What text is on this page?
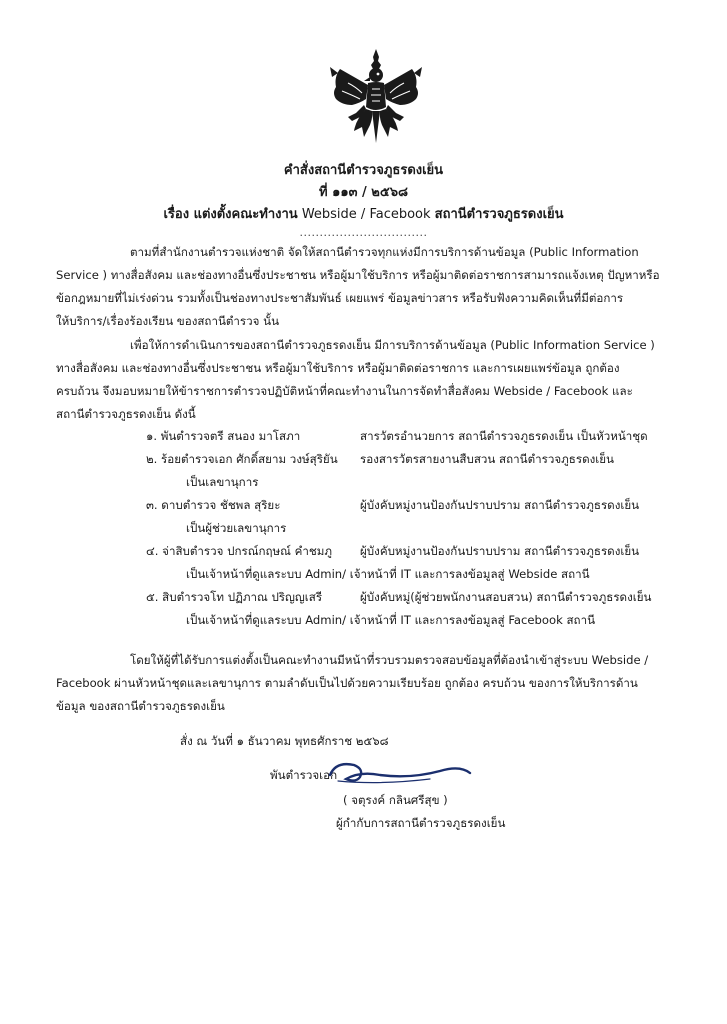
คำสั่งสถานีตำรวจภูธรดงเย็น
ที่ ๑๑๓ / ๒๕๖๘
เรื่อง แต่งตั้งคณะทำงาน Webside / Facebook สถานีตำรวจภูธรดงเย็น
................................
ตามที่สำนักงานตำรวจแห่งชาติ จัดให้สถานีตำรวจทุกแห่งมีการบริการด้านข้อมูล (Public Information
Service ) ทางสื่อสังคม และช่องทางอื่นซึ่งประชาชน หรือผู้มาใช้บริการ หรือผู้มาติดต่อราชการสามารถแจ้งเหตุ ปัญหาหรือ
ข้อกฎหมายที่ไม่เร่งด่วน รวมทั้งเป็นช่องทางประชาสัมพันธ์ เผยแพร่ ข้อมูลข่าวสาร หรือรับฟังความคิดเห็นที่มีต่อการ
ให้บริการ/เรื่องร้องเรียน ของสถานีตำรวจ นั้น
เพื่อให้การดำเนินการของสถานีตำรวจภูธรดงเย็น มีการบริการด้านข้อมูล (Public Information Service )
ทางสื่อสังคม และช่องทางอื่นซึ่งประชาชน หรือผู้มาใช้บริการ หรือผู้มาติดต่อราชการ และการเผยแพร่ข้อมูล ถูกต้อง
ครบถ้วน จึงมอบหมายให้ข้าราชการตำรวจปฏิบัติหน้าที่คณะทำงานในการจัดทำสื่อสังคม Webside / Facebook และ
สถานีตำรวจภูธรดงเย็น ดังนี้
๑. พันตำรวจตรี สนอง มาโสภา	สารวัตรอำนวยการ สถานีตำรวจภูธรดงเย็น เป็นหัวหน้าชุด
๒. ร้อยตำรวจเอก ศักดิ์สยาม วงษ์สุริยัน รองสารวัตรสายงานสืบสวน สถานีตำรวจภูธรดงเย็น
เป็นเลขานุการ
๓. ดาบตำรวจ ชัชพล สุริยะ	ผู้บังคับหมู่งานป้องกันปราบปราม สถานีตำรวจภูธรดงเย็น
เป็นผู้ช่วยเลขานุการ
๔. จ่าสิบตำรวจ ปกรณ์กฤษณ์ คำชมภู ผู้บังคับหมู่งานป้องกันปราบปราม สถานีตำรวจภูธรดงเย็น
เป็นเจ้าหน้าที่ดูแลระบบ Admin/ เจ้าหน้าที่ IT และการลงข้อมูลสู่ Webside สถานี
๕. สิบตำรวจโท ปฏิภาณ ปริญญเสรี	ผู้บังคับหมู่(ผู้ช่วยพนักงานสอบสวน) สถานีตำรวจภูธรดงเย็น
เป็นเจ้าหน้าที่ดูแลระบบ Admin/ เจ้าหน้าที่ IT และการลงข้อมูลสู่ Facebook สถานี
โดยให้ผู้ที่ได้รับการแต่งตั้งเป็นคณะทำงานมีหน้าที่รวบรวมตรวจสอบข้อมูลที่ต้องนำเข้าสู่ระบบ Webside /
Facebook ผ่านหัวหน้าชุดและเลขานุการ ตามลำดับเป็นไปด้วยความเรียบร้อย ถูกต้อง ครบถ้วน ของการให้บริการด้าน
ข้อมูล ของสถานีตำรวจภูธรดงเย็น
สั่ง ณ วันที่ ๑ ธันวาคม พุทธศักราช ๒๕๖๘
พันตำรวจเอก
( จตุรงค์ กลินศรีสุข )
ผู้กำกับการสถานีตำรวจภูธรดงเย็น
